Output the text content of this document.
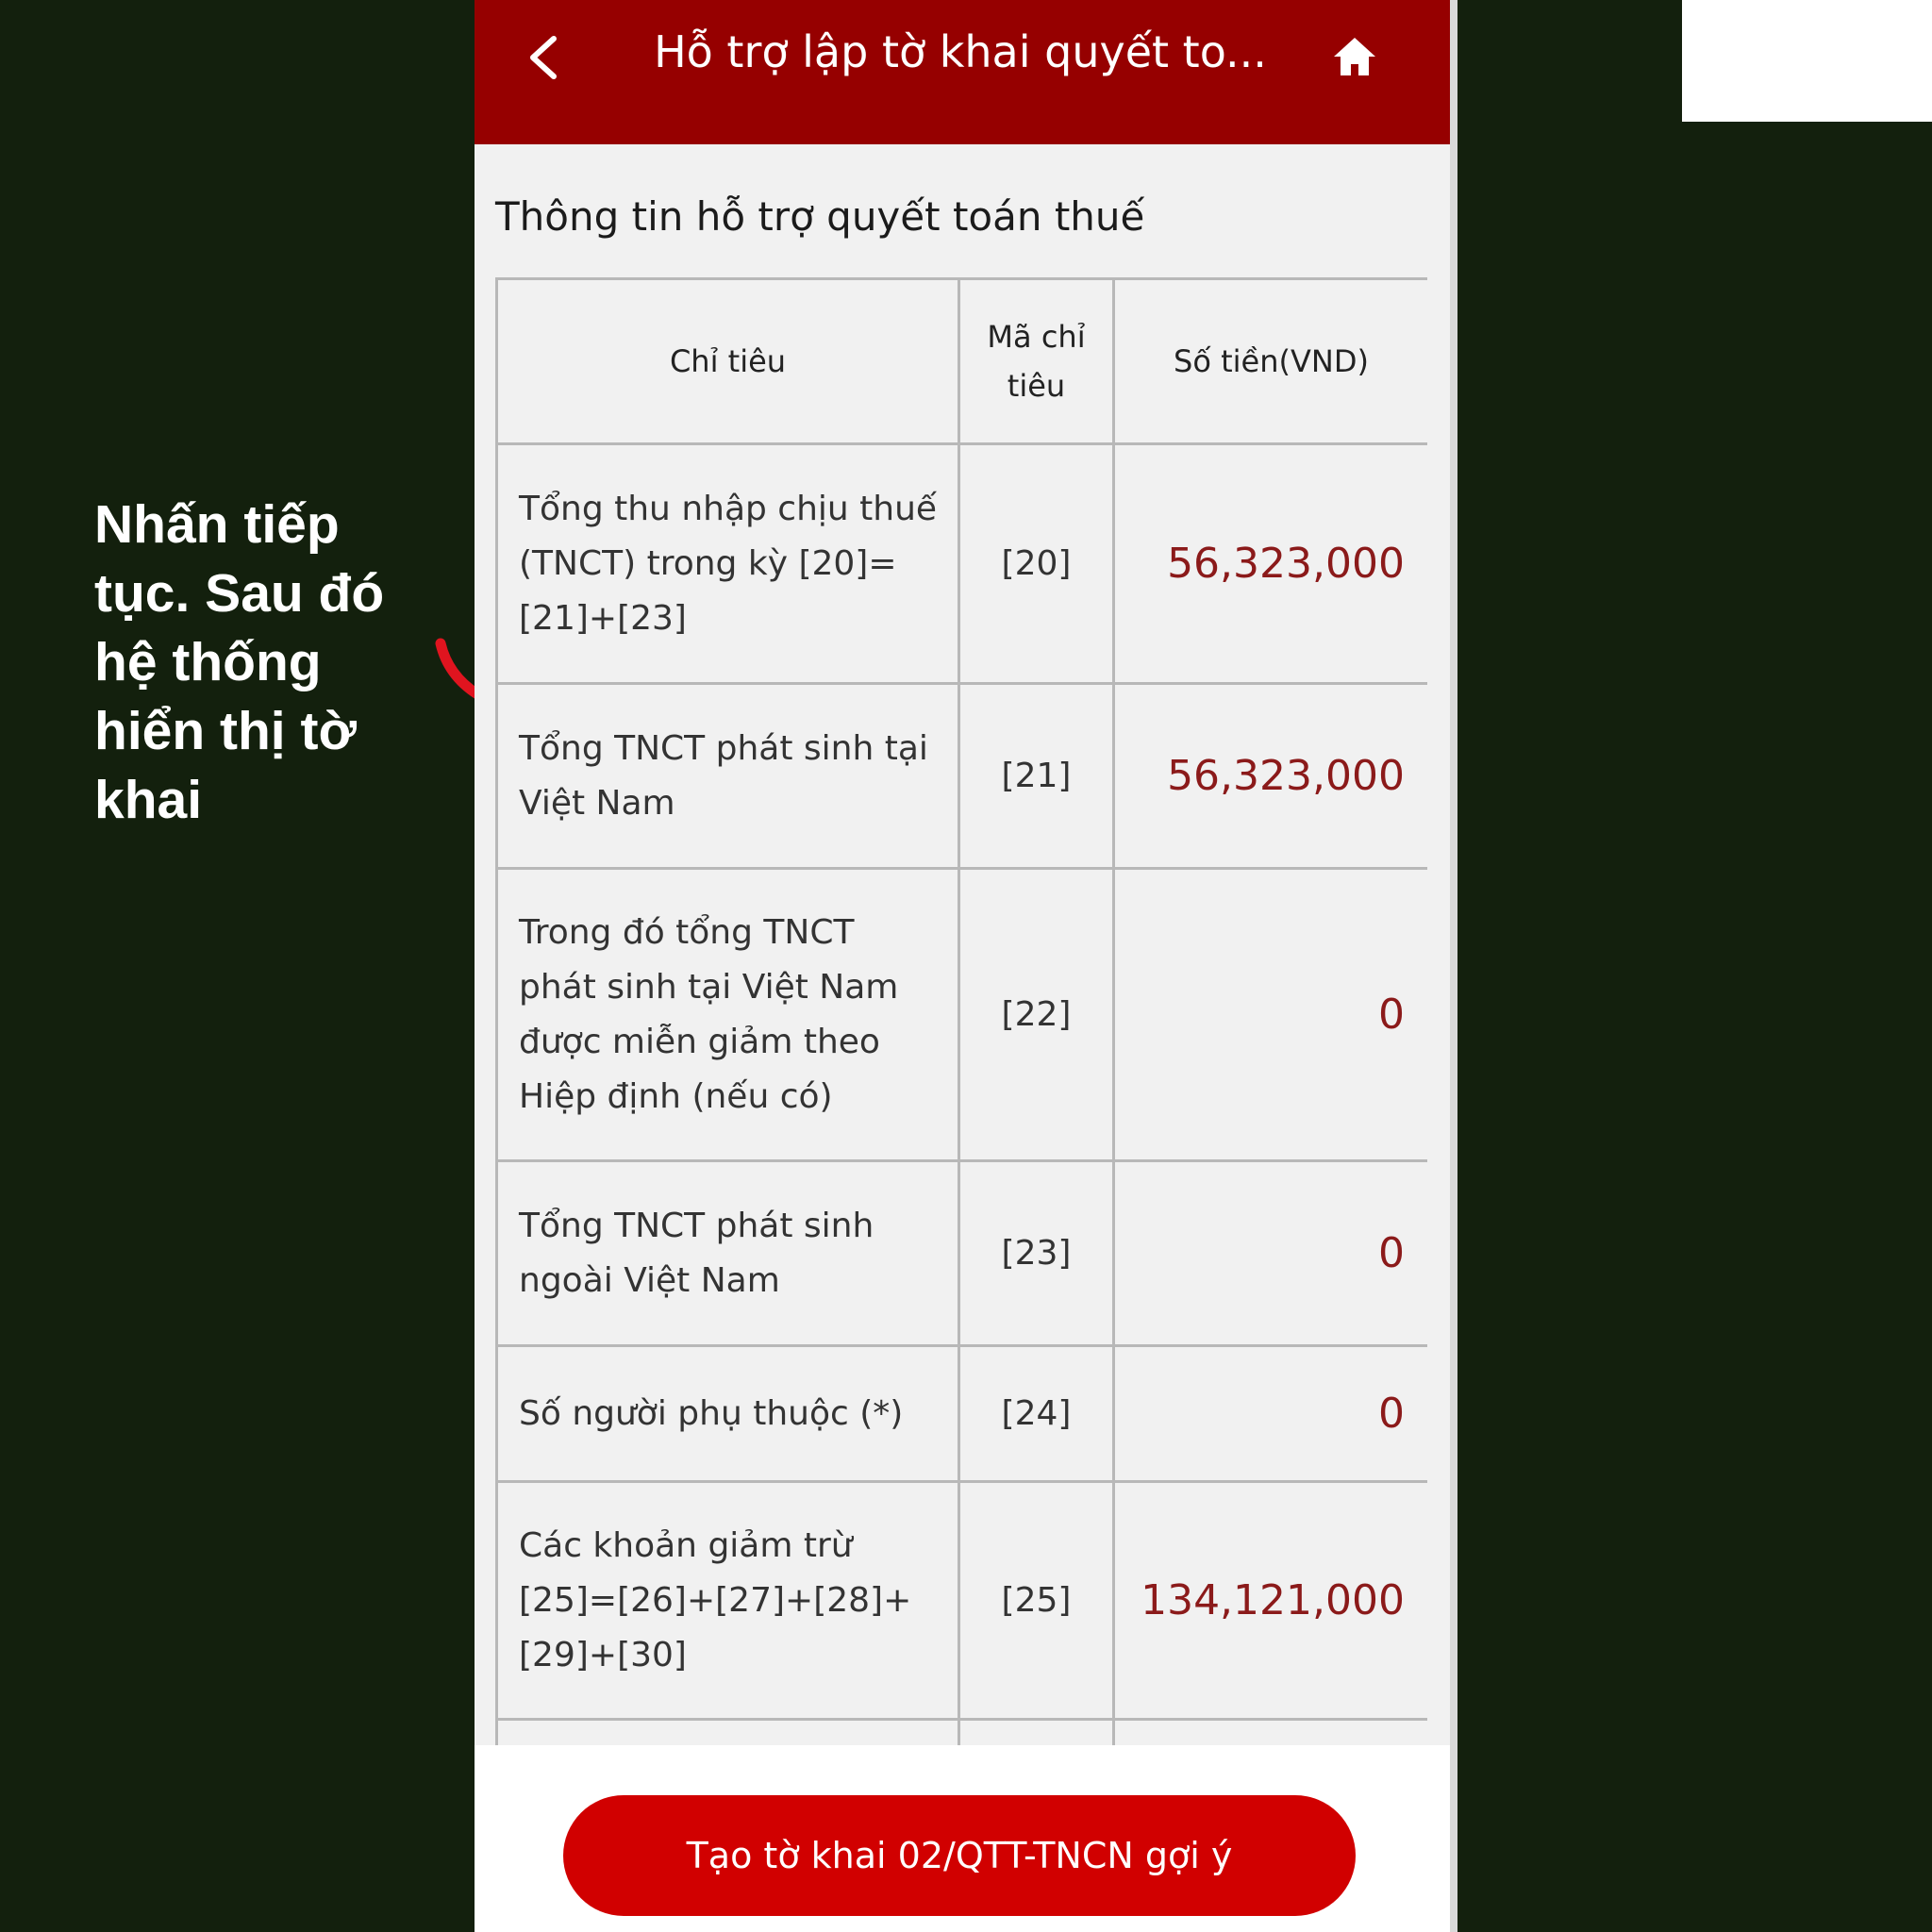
Nhấn tiếp tục. Sau đó hệ thống hiển thị tờ khai
Hỗ trợ lập tờ khai quyết to...
Thông tin hỗ trợ quyết toán thuế
Chỉ tiêu	Mã chỉ tiêu	Số tiền(VND)
Tổng thu nhập chịu thuế (TNCT) trong kỳ [20]=[21]+[23]	[20]	56,323,000
Tổng TNCT phát sinh tại Việt Nam	[21]	56,323,000
Trong đó tổng TNCT phát sinh tại Việt Nam được miễn giảm theo Hiệp định (nếu có)	[22]	0
Tổng TNCT phát sinh ngoài Việt Nam	[23]	0
Số người phụ thuộc (*)	[24]	0
Các khoản giảm trừ [25]=[26]+[27]+[28]+[29]+[30]	[25]	134,121,000

Tạo tờ khai 02/QTT-TNCN gợi ý
